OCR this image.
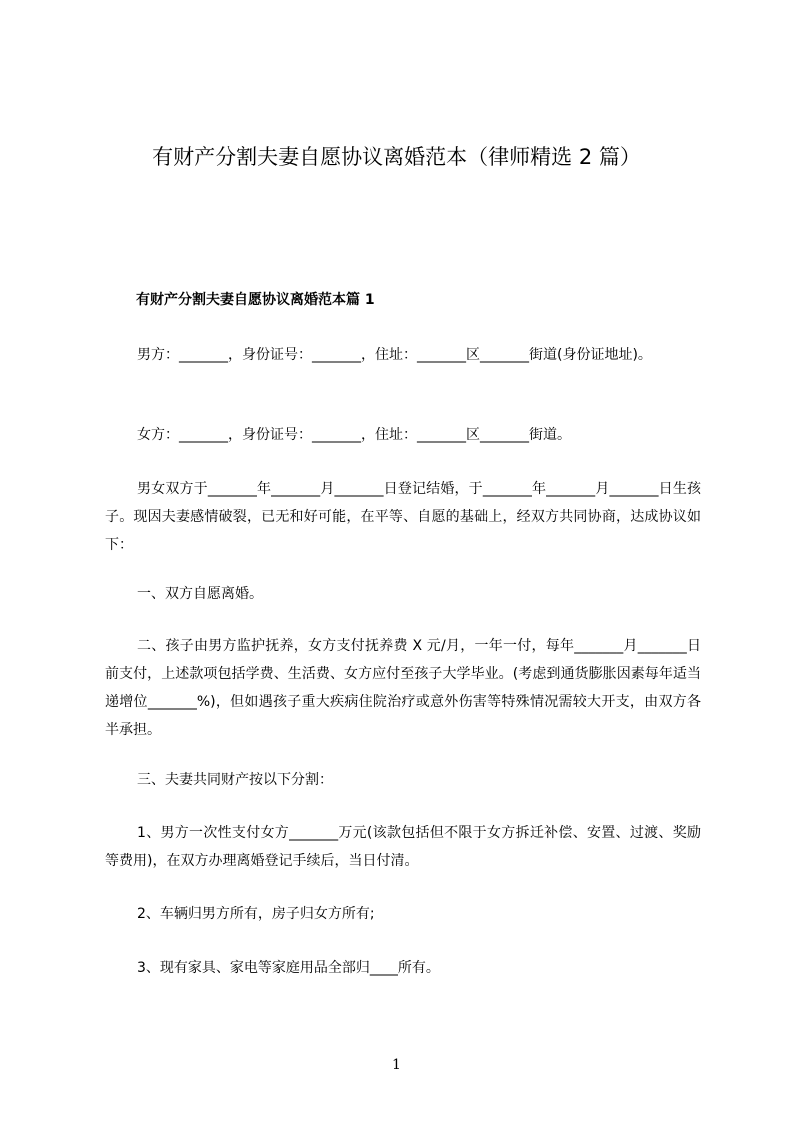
有财产分割夫妻自愿协议离婚范本（律师精选 2 篇）
有财产分割夫妻自愿协议离婚范本篇 1

男方：_______，身份证号：_______，住址：_______区_______街道(身份证地址)。

女方：_______，身份证号：_______，住址：_______区_______街道。

男女双方于_______年_______月_______日登记结婚，于_______年_______月_______日生孩子。现因夫妻感情破裂，已无和好可能，在平等、自愿的基础上，经双方共同协商，达成协议如下：

一、双方自愿离婚。

二、孩子由男方监护抚养，女方支付抚养费 X 元/月，一年一付，每年_______月_______日前支付，上述款项包括学费、生活费、女方应付至孩子大学毕业。(考虑到通货膨胀因素每年适当递增位_______%)，但如遇孩子重大疾病住院治疗或意外伤害等特殊情况需较大开支，由双方各半承担。

三、夫妻共同财产按以下分割：

1、男方一次性支付女方_______万元(该款包括但不限于女方拆迁补偿、安置、过渡、奖励等费用)，在双方办理离婚登记手续后，当日付清。

2、车辆归男方所有，房子归女方所有;

3、现有家具、家电等家庭用品全部归____所有。

1
